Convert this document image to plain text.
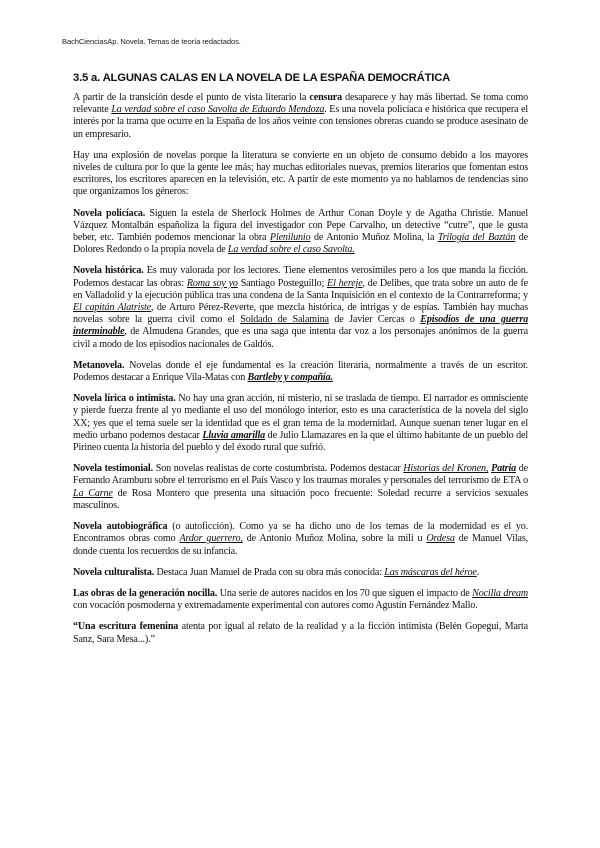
BachCienciasAp. Novela. Temas de teoría redactados.
3.5 a. ALGUNAS CALAS EN LA NOVELA DE LA ESPAÑA DEMOCRÁTICA

A partir de la transición desde el punto de vista literario la censura desaparece y hay más libertad. Se toma como relevante La verdad sobre el caso Savolta de Eduardo Mendoza. Es una novela policíaca e histórica que recupera el interés por la trama que ocurre en la España de los años veinte con tensiones obreras cuando se produce asesinato de un empresario.

Hay una explosión de novelas porque la literatura se convierte en un objeto de consumo debido a los mayores niveles de cultura por lo que la gente lee más; hay muchas editoriales nuevas, premios literarios que fomentan estos escritores, los escritores aparecen en la televisión, etc. A partir de este momento ya no hablamos de tendencias sino que organizamos los géneros:

Novela policíaca. Siguen la estela de Sherlock Holmes de Arthur Conan Doyle y de Agatha Christie. Manuel Vázquez Montalbán españoliza la figura del investigador con Pepe Carvalho, un detective “cutre”, que le gusta beber, etc. También podemos mencionar la obra Plenilunio de Antonio Muñoz Molina, la Trilogía del Baztán de Dolores Redondo o la propia novela de La verdad sobre el caso Savolta.

Novela histórica. Es muy valorada por los lectores. Tiene elementos verosímiles pero a los que manda la ficción. Podemos destacar las obras: Roma soy yo Santiago Posteguillo; El hereje, de Delibes, que trata sobre un auto de fe en Valladolid y la ejecución pública tras una condena de la Santa Inquisición en el contexto de la Contrarreforma; y El capitán Alatriste, de Arturo Pérez-Reverte, que mezcla histórica, de intrigas y de espías. También hay muchas novelas sobre la guerra civil como el Soldado de Salamina de Javier Cercas o Episodios de una guerra interminable, de Almudena Grandes, que es una saga que intenta dar voz a los personajes anónimos de la guerra civil a modo de los episodios nacionales de Galdós.

Metanovela. Novelas donde el eje fundamental es la creación literaria, normalmente a través de un escritor. Podemos destacar a Enrique Vila-Matas con Bartleby y compañía.

Novela lírica o intimista. No hay una gran acción, ni misterio, ni se traslada de tiempo. El narrador es omnisciente y pierde fuerza frente al yo mediante el uso del monólogo interior, esto es una característica de la novela del siglo XX; yes que el tema suele ser la identidad que es el gran tema de la modernidad. Aunque suenan tener lugar en el medio urbano podemos destacar Lluvia amarilla de Julio Llamazares en la que el último habitante de un pueblo del Pirineo cuenta la historia del pueblo y del éxodo rural que sufrió.

Novela testimonial. Son novelas realistas de corte costumbrista. Podemos destacar Historias del Kronen, Patria de Fernando Aramburu sobre el terrorismo en el País Vasco y los traumas morales y personales del terrorismo de ETA o La Carne de Rosa Montero que presenta una situación poco frecuente: Soledad recurre a servicios sexuales masculinos.

Novela autobiográfica (o autoficción). Como ya se ha dicho uno de los temas de la modernidad es el yo. Encontramos obras como Ardor guerrero, de Antonio Muñoz Molina, sobre la mili u Ordesa de Manuel Vilas, donde cuenta los recuerdos de su infancia.

Novela culturalista. Destaca Juan Manuel de Prada con su obra más conocida: Las máscaras del héroe.

Las obras de la generación nocilla. Una serie de autores nacidos en los 70 que siguen el impacto de Nocilla dream con vocación posmoderna y extremadamente experimental con autores como Agustín Fernández Mallo.

“Una escritura femenina atenta por igual al relato de la realidad y a la ficción intimista (Belén Gopegui, Marta Sanz, Sara Mesa...).”
